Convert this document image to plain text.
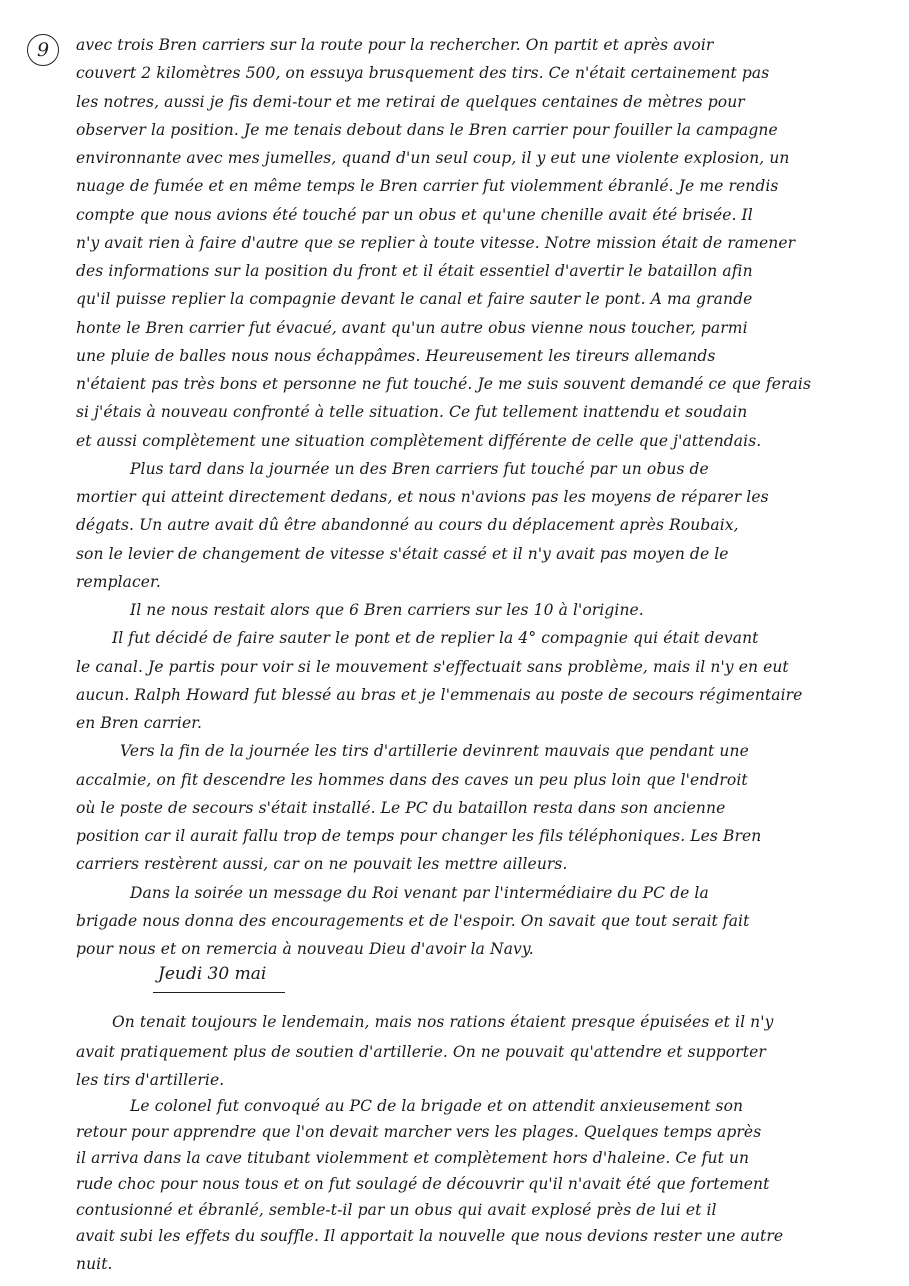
9	avec trois Bren carriers sur la route pour la rechercher. On partit et après avoir
couvert 2 kilomètres 500, on essuya brusquement des tirs. Ce n'était certainement pas
les notres, aussi je fis demi-tour et me retirai de quelques centaines de mètres pour
observer la position. Je me tenais debout dans le Bren carrier pour fouiller la campagne
environnante avec mes jumelles, quand d'un seul coup, il y eut une violente explosion, un
nuage de fumée et en même temps le Bren carrier fut violemment ébranlé. Je me rendis
compte que nous avions été touché par un obus et qu'une chenille avait été brisée. Il
n'y avait rien à faire d'autre que se replier à toute vitesse. Notre mission était de ramener
des informations sur la position du front et il était essentiel d'avertir le bataillon afin
qu'il puisse replier la compagnie devant le canal et faire sauter le pont. A ma grande
honte le Bren carrier fut évacué, avant qu'un autre obus vienne nous toucher, parmi
une pluie de balles nous nous échappâmes. Heureusement les tireurs allemands
n'étaient pas très bons et personne ne fut touché. Je me suis souvent demandé ce que ferais
si j'étais à nouveau confronté à telle situation. Ce fut tellement inattendu et soudain
et aussi complètement une situation complètement différente de celle que j'attendais.
Plus tard dans la journée un des Bren carriers fut touché par un obus de
mortier qui atteint directement dedans, et nous n'avions pas les moyens de réparer les
dégats. Un autre avait dû être abandonné au cours du déplacement après Roubaix,
son le levier de changement de vitesse s'était cassé et il n'y avait pas moyen de le
remplacer.
Il ne nous restait alors que 6 Bren carriers sur les 10 à l'origine.
Il fut décidé de faire sauter le pont et de replier la 4° compagnie qui était devant
le canal. Je partis pour voir si le mouvement s'effectuait sans problème, mais il n'y en eut
aucun. Ralph Howard fut blessé au bras et je l'emmenais au poste de secours régimentaire
en Bren carrier.
Vers la fin de la journée les tirs d'artillerie devinrent mauvais que pendant une
accalmie, on fit descendre les hommes dans des caves un peu plus loin que l'endroit
où le poste de secours s'était installé. Le PC du bataillon resta dans son ancienne
position car il aurait fallu trop de temps pour changer les fils téléphoniques. Les Bren
carriers restèrent aussi, car on ne pouvait les mettre ailleurs.
Dans la soirée un message du Roi venant par l'intermédiaire du PC de la
brigade nous donna des encouragements et de l'espoir. On savait que tout serait fait
pour nous et on remercia à nouveau Dieu d'avoir la Navy.
Jeudi 30 mai
On tenait toujours le lendemain, mais nos rations étaient presque épuisées et il n'y
avait pratiquement plus de soutien d'artillerie. On ne pouvait qu'attendre et supporter
les tirs d'artillerie.
Le colonel fut convoqué au PC de la brigade et on attendit anxieusement son
retour pour apprendre que l'on devait marcher vers les plages. Quelques temps après
il arriva dans la cave titubant violemment et complètement hors d'haleine. Ce fut un
rude choc pour nous tous et on fut soulagé de découvrir qu'il n'avait été que fortement
contusionné et ébranlé, semble-t-il par un obus qui avait explosé près de lui et il
avait subi les effets du souffle. Il apportait la nouvelle que nous devions rester une autre
nuit.
